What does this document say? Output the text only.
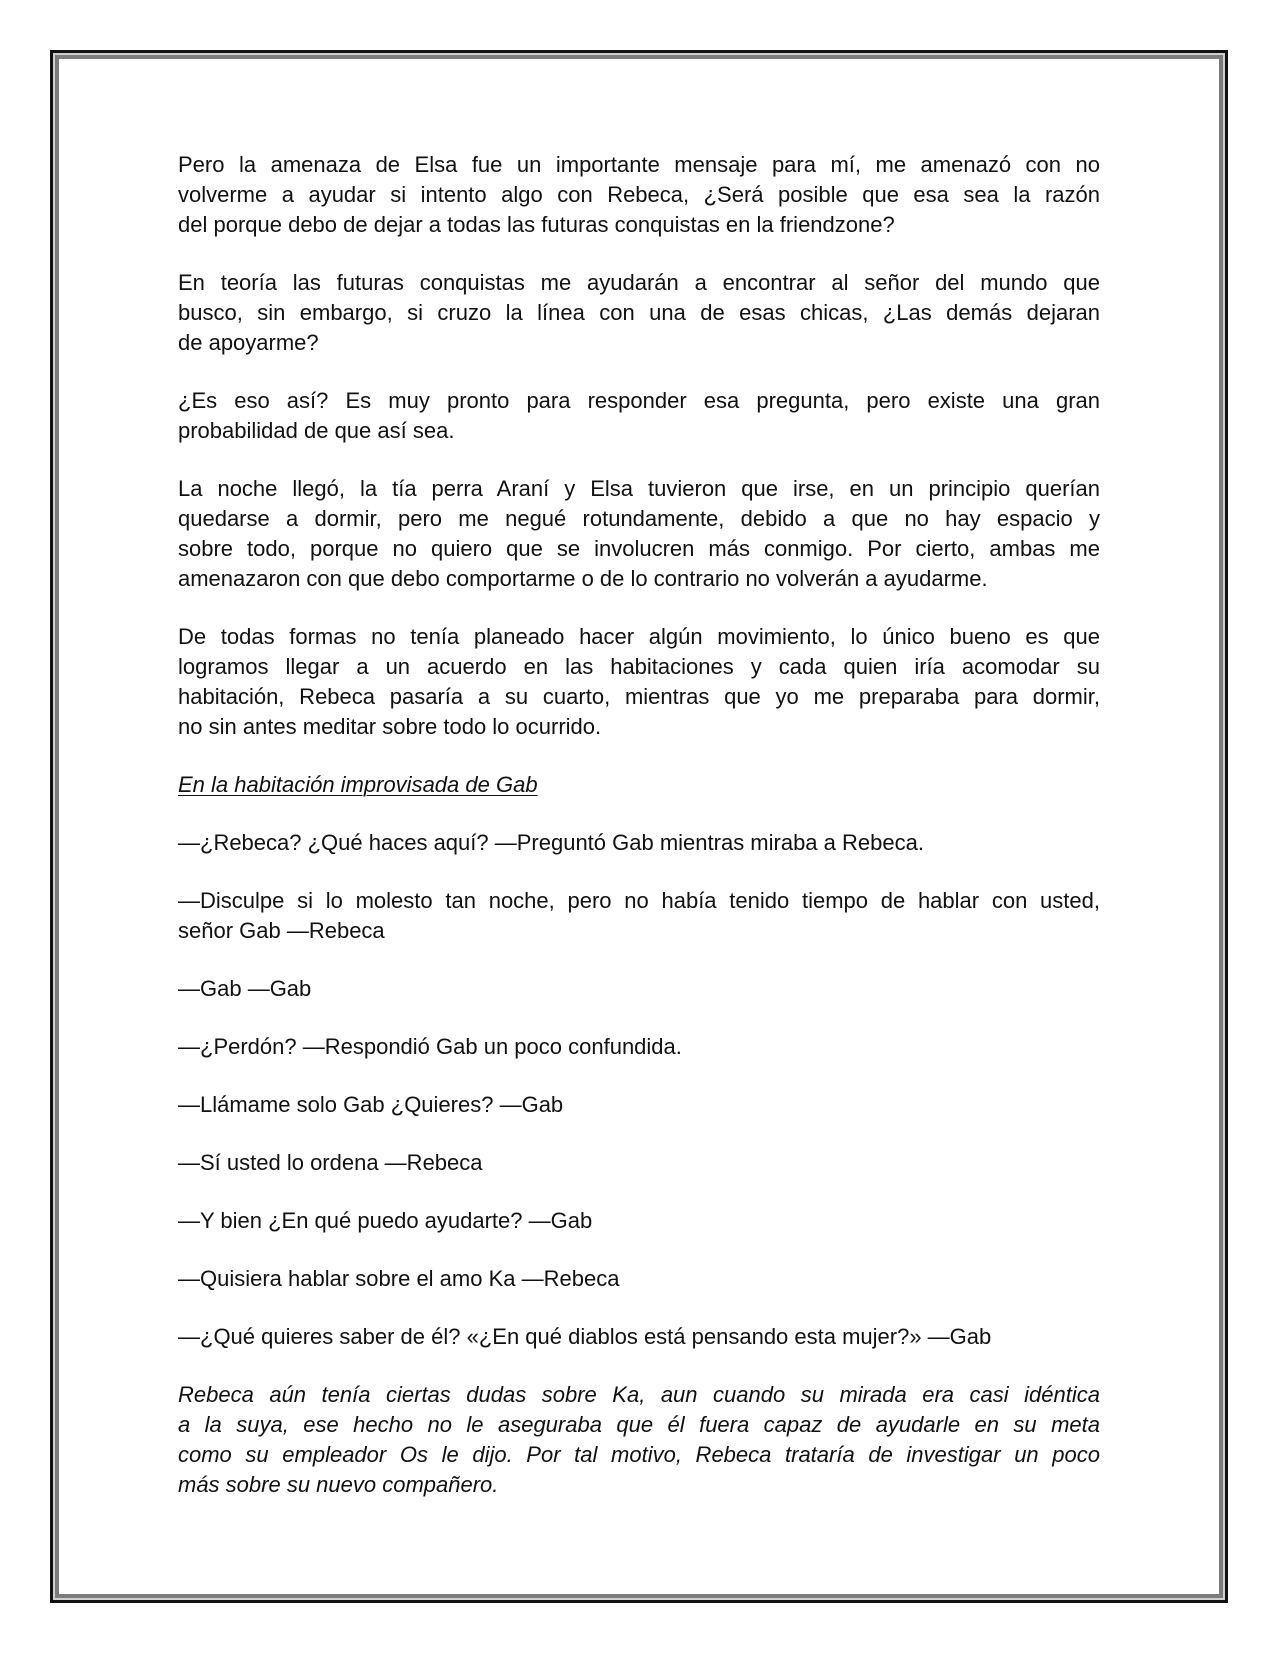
Pero la amenaza de Elsa fue un importante mensaje para mí, me amenazó con no
volverme a ayudar si intento algo con Rebeca, ¿Será posible que esa sea la razón
del porque debo de dejar a todas las futuras conquistas en la friendzone?

En teoría las futuras conquistas me ayudarán a encontrar al señor del mundo que
busco, sin embargo, si cruzo la línea con una de esas chicas, ¿Las demás dejaran
de apoyarme?

¿Es eso así? Es muy pronto para responder esa pregunta, pero existe una gran
probabilidad de que así sea.

La noche llegó, la tía perra Araní y Elsa tuvieron que irse, en un principio querían
quedarse a dormir, pero me negué rotundamente, debido a que no hay espacio y
sobre todo, porque no quiero que se involucren más conmigo. Por cierto, ambas me
amenazaron con que debo comportarme o de lo contrario no volverán a ayudarme.

De todas formas no tenía planeado hacer algún movimiento, lo único bueno es que
logramos llegar a un acuerdo en las habitaciones y cada quien iría acomodar su
habitación, Rebeca pasaría a su cuarto, mientras que yo me preparaba para dormir,
no sin antes meditar sobre todo lo ocurrido.

En la habitación improvisada de Gab

—¿Rebeca? ¿Qué haces aquí? —Preguntó Gab mientras miraba a Rebeca.

—Disculpe si lo molesto tan noche, pero no había tenido tiempo de hablar con usted,
señor Gab —Rebeca

—Gab —Gab

—¿Perdón? —Respondió Gab un poco confundida.

—Llámame solo Gab ¿Quieres? —Gab

—Sí usted lo ordena —Rebeca

—Y bien ¿En qué puedo ayudarte? —Gab

—Quisiera hablar sobre el amo Ka —Rebeca

—¿Qué quieres saber de él? «¿En qué diablos está pensando esta mujer?» —Gab

Rebeca aún tenía ciertas dudas sobre Ka, aun cuando su mirada era casi idéntica
a la suya, ese hecho no le aseguraba que él fuera capaz de ayudarle en su meta
como su empleador Os le dijo. Por tal motivo, Rebeca trataría de investigar un poco
más sobre su nuevo compañero.
